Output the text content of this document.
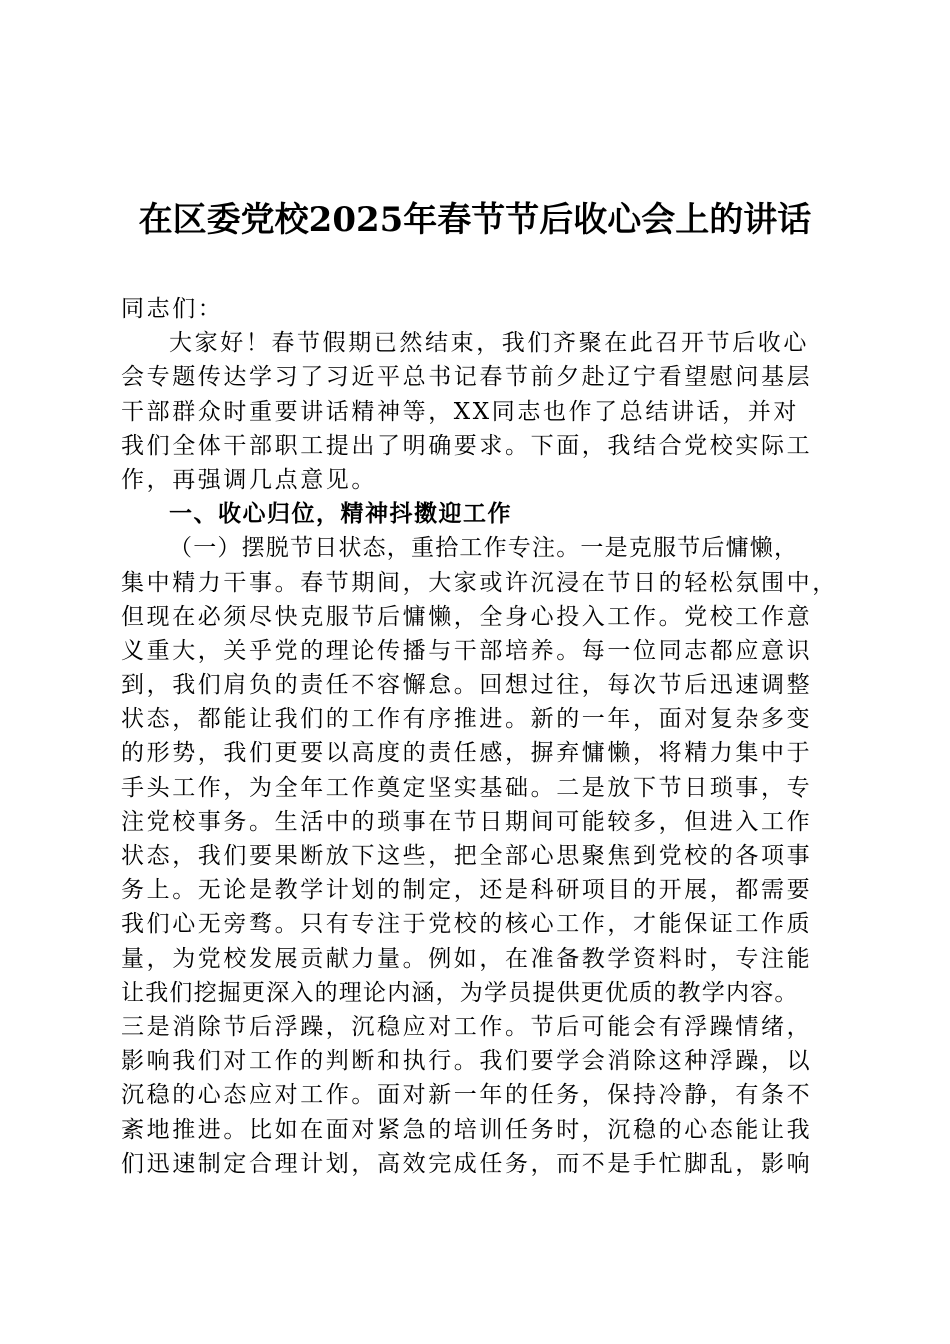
在区委党校2025年春节节后收心会上的讲话
同志们：
大家好！春节假期已然结束，我们齐聚在此召开节后收心
会专题传达学习了习近平总书记春节前夕赴辽宁看望慰问基层
干部群众时重要讲话精神等，XX同志也作了总结讲话，并对
我们全体干部职工提出了明确要求。下面，我结合党校实际工
作，再强调几点意见。
一、收心归位，精神抖擞迎工作
（一）摆脱节日状态，重拾工作专注。一是克服节后慵懒，
集中精力干事。春节期间，大家或许沉浸在节日的轻松氛围中，
但现在必须尽快克服节后慵懒，全身心投入工作。党校工作意
义重大，关乎党的理论传播与干部培养。每一位同志都应意识
到，我们肩负的责任不容懈怠。回想过往，每次节后迅速调整
状态，都能让我们的工作有序推进。新的一年，面对复杂多变
的形势，我们更要以高度的责任感，摒弃慵懒，将精力集中于
手头工作，为全年工作奠定坚实基础。二是放下节日琐事，专
注党校事务。生活中的琐事在节日期间可能较多，但进入工作
状态，我们要果断放下这些，把全部心思聚焦到党校的各项事
务上。无论是教学计划的制定，还是科研项目的开展，都需要
我们心无旁骛。只有专注于党校的核心工作，才能保证工作质
量，为党校发展贡献力量。例如，在准备教学资料时，专注能
让我们挖掘更深入的理论内涵，为学员提供更优质的教学内容。
三是消除节后浮躁，沉稳应对工作。节后可能会有浮躁情绪，
影响我们对工作的判断和执行。我们要学会消除这种浮躁，以
沉稳的心态应对工作。面对新一年的任务，保持冷静，有条不
紊地推进。比如在面对紧急的培训任务时，沉稳的心态能让我
们迅速制定合理计划，高效完成任务，而不是手忙脚乱，影响
